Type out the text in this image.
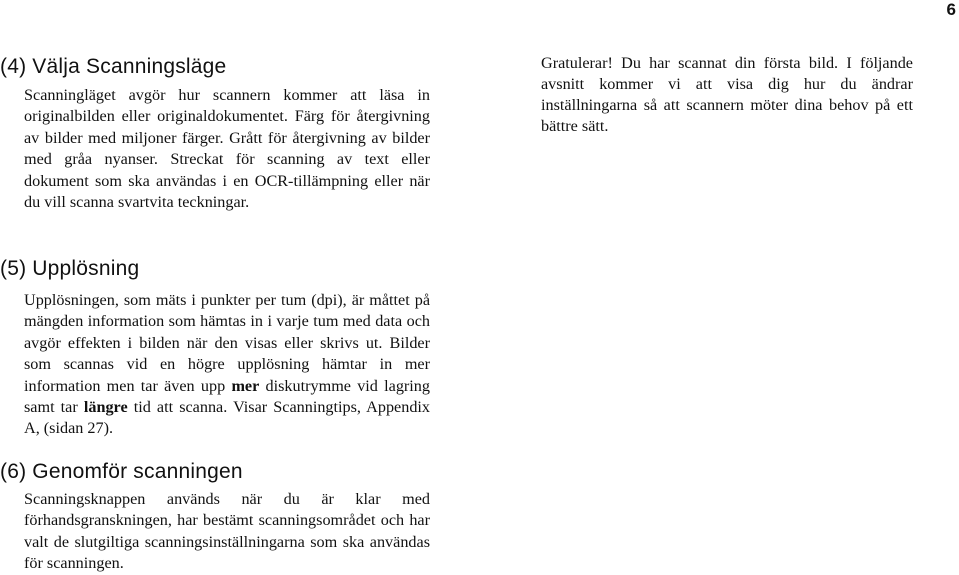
6
(4) Välja Scanningsläge

Scanningläget avgör hur scannern kommer att läsa in originalbilden eller originaldokumentet. Färg för återgivning av bilder med miljoner färger. Grått för återgivning av bilder med gråa nyanser. Streckat för scanning av text eller dokument som ska användas i en OCR-tillämpning eller när du vill scanna svartvita teckningar.

(5) Upplösning

Upplösningen, som mäts i punkter per tum (dpi), är måttet på mängden information som hämtas in i varje tum med data och avgör effekten i bilden när den visas eller skrivs ut. Bilder som scannas vid en högre upplösning hämtar in mer information men tar även upp mer diskutrymme vid lagring samt tar längre tid att scanna. Visar Scanningtips, Appendix A, (sidan 27).

(6) Genomför scanningen

Scanningsknappen används när du är klar med förhandsgranskningen, har bestämt scanningsområdet och har valt de slutgiltiga scanningsinställningarna som ska användas för scanningen.

Gratulerar! Du har scannat din första bild. I följande avsnitt kommer vi att visa dig hur du ändrar inställningarna så att scannern möter dina behov på ett bättre sätt.
